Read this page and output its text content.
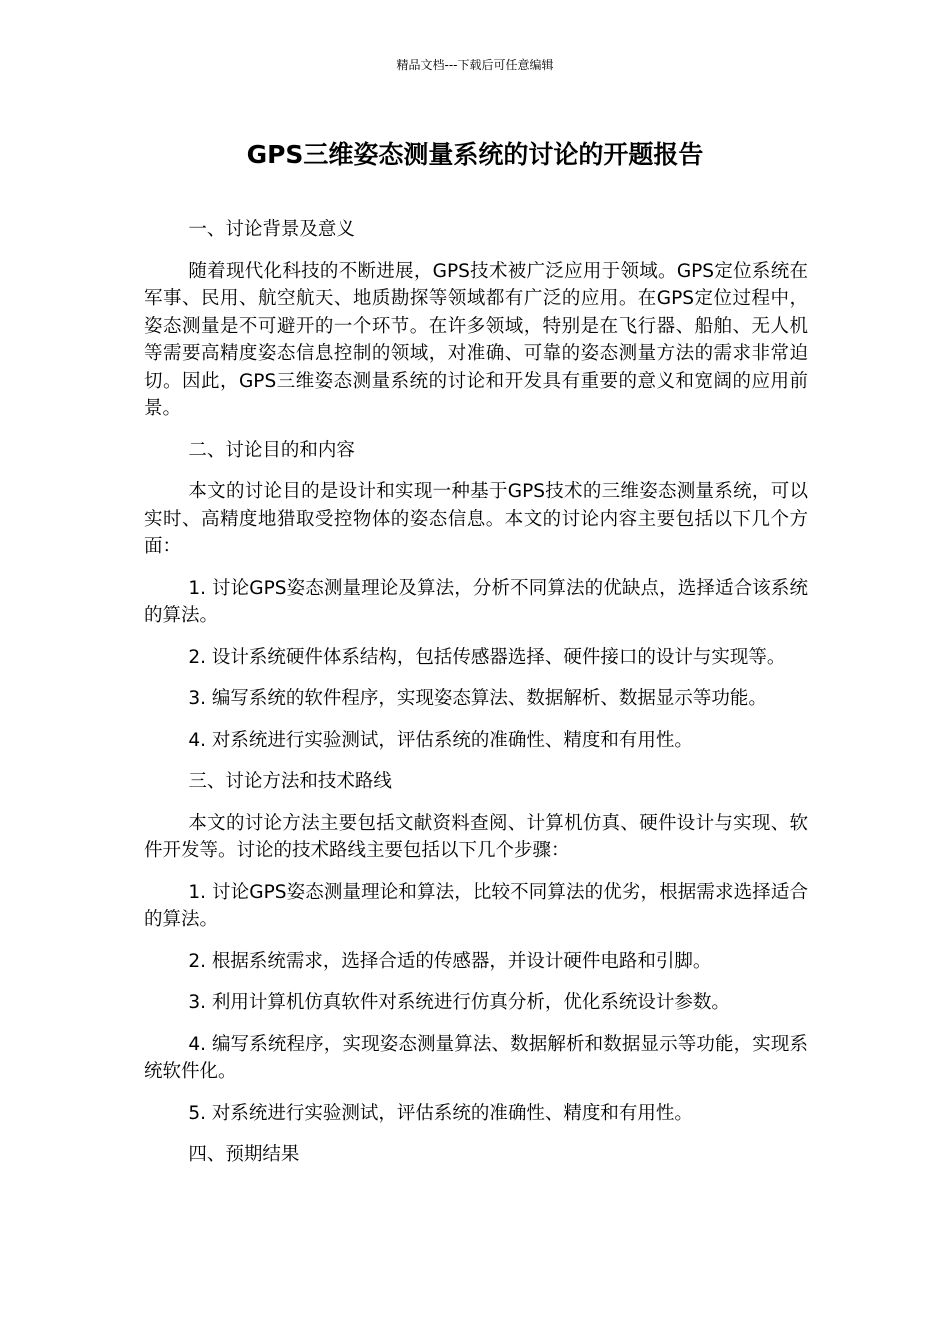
精品文档---下载后可任意编辑
GPS三维姿态测量系统的讨论的开题报告

一、讨论背景及意义

随着现代化科技的不断进展，GPS技术被广泛应用于领域。GPS定位系统在军事、民用、航空航天、地质勘探等领域都有广泛的应用。在GPS定位过程中，姿态测量是不可避开的一个环节。在许多领域，特别是在飞行器、船舶、无人机等需要高精度姿态信息控制的领域，对准确、可靠的姿态测量方法的需求非常迫切。因此，GPS三维姿态测量系统的讨论和开发具有重要的意义和宽阔的应用前景。

二、讨论目的和内容

本文的讨论目的是设计和实现一种基于GPS技术的三维姿态测量系统，可以实时、高精度地猎取受控物体的姿态信息。本文的讨论内容主要包括以下几个方面：

1. 讨论GPS姿态测量理论及算法，分析不同算法的优缺点，选择适合该系统的算法。

2. 设计系统硬件体系结构，包括传感器选择、硬件接口的设计与实现等。

3. 编写系统的软件程序，实现姿态算法、数据解析、数据显示等功能。

4. 对系统进行实验测试，评估系统的准确性、精度和有用性。

三、讨论方法和技术路线

本文的讨论方法主要包括文献资料查阅、计算机仿真、硬件设计与实现、软件开发等。讨论的技术路线主要包括以下几个步骤：

1. 讨论GPS姿态测量理论和算法，比较不同算法的优劣，根据需求选择适合的算法。

2. 根据系统需求，选择合适的传感器，并设计硬件电路和引脚。

3. 利用计算机仿真软件对系统进行仿真分析，优化系统设计参数。

4. 编写系统程序，实现姿态测量算法、数据解析和数据显示等功能，实现系统软件化。

5. 对系统进行实验测试，评估系统的准确性、精度和有用性。

四、预期结果
